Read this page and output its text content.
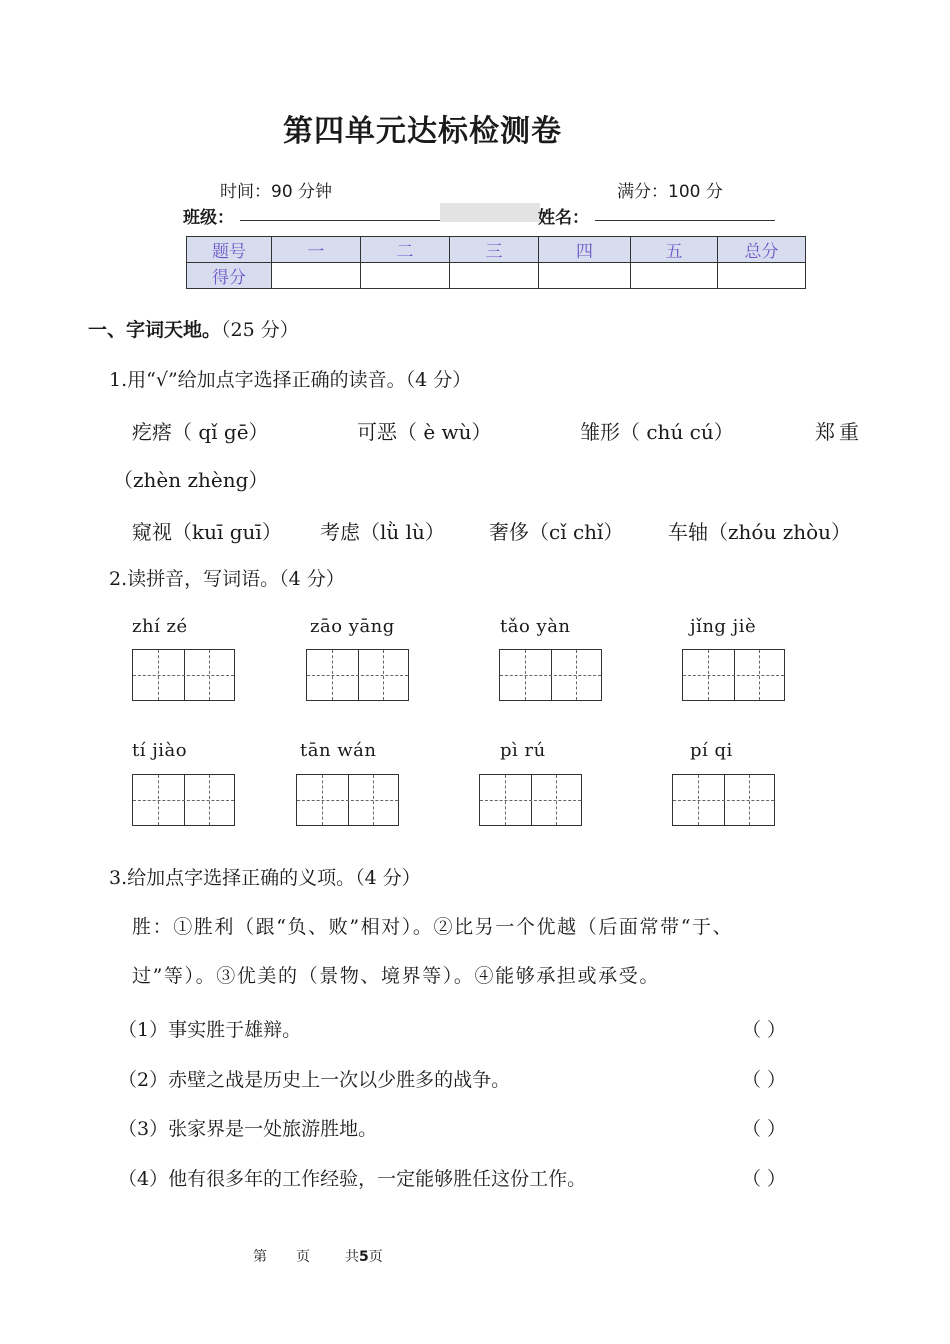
第四单元达标检测卷
时间：90 分钟	满分：100 分
班级：	姓名：
题号	一	二	三	四	五	总分
得分						
一、字词天地。（25 分）
1.用“√”给加点字选择正确的读音。（4 分）
疙瘩（ qǐ gē）	可恶（ è wù）	雏形（ chú cú）	郑重
（zhèn zhèng）
窥视（kuī guī） 考虑（lǜ lù） 奢侈（cǐ chǐ） 车轴（zhóu zhòu）
2.读拼音，写词语。（4 分）
zhí zé	zāo yāng	tǎo yàn	jǐng jiè
tí jiào	tān wán	pì rú	pí qi
3.给加点字选择正确的义项。（4 分）
胜：①胜利（跟“负、败”相对）。②比另一个优越（后面常带“于、
过”等）。③优美的（景物、境界等）。④能够承担或承受。
（1）事实胜于雄辩。	（ ）
（2）赤壁之战是历史上一次以少胜多的战争。	（ ）
（3）张家界是一处旅游胜地。	（ ）
（4）他有很多年的工作经验，一定能够胜任这份工作。	（ ）
第 页	共5页
